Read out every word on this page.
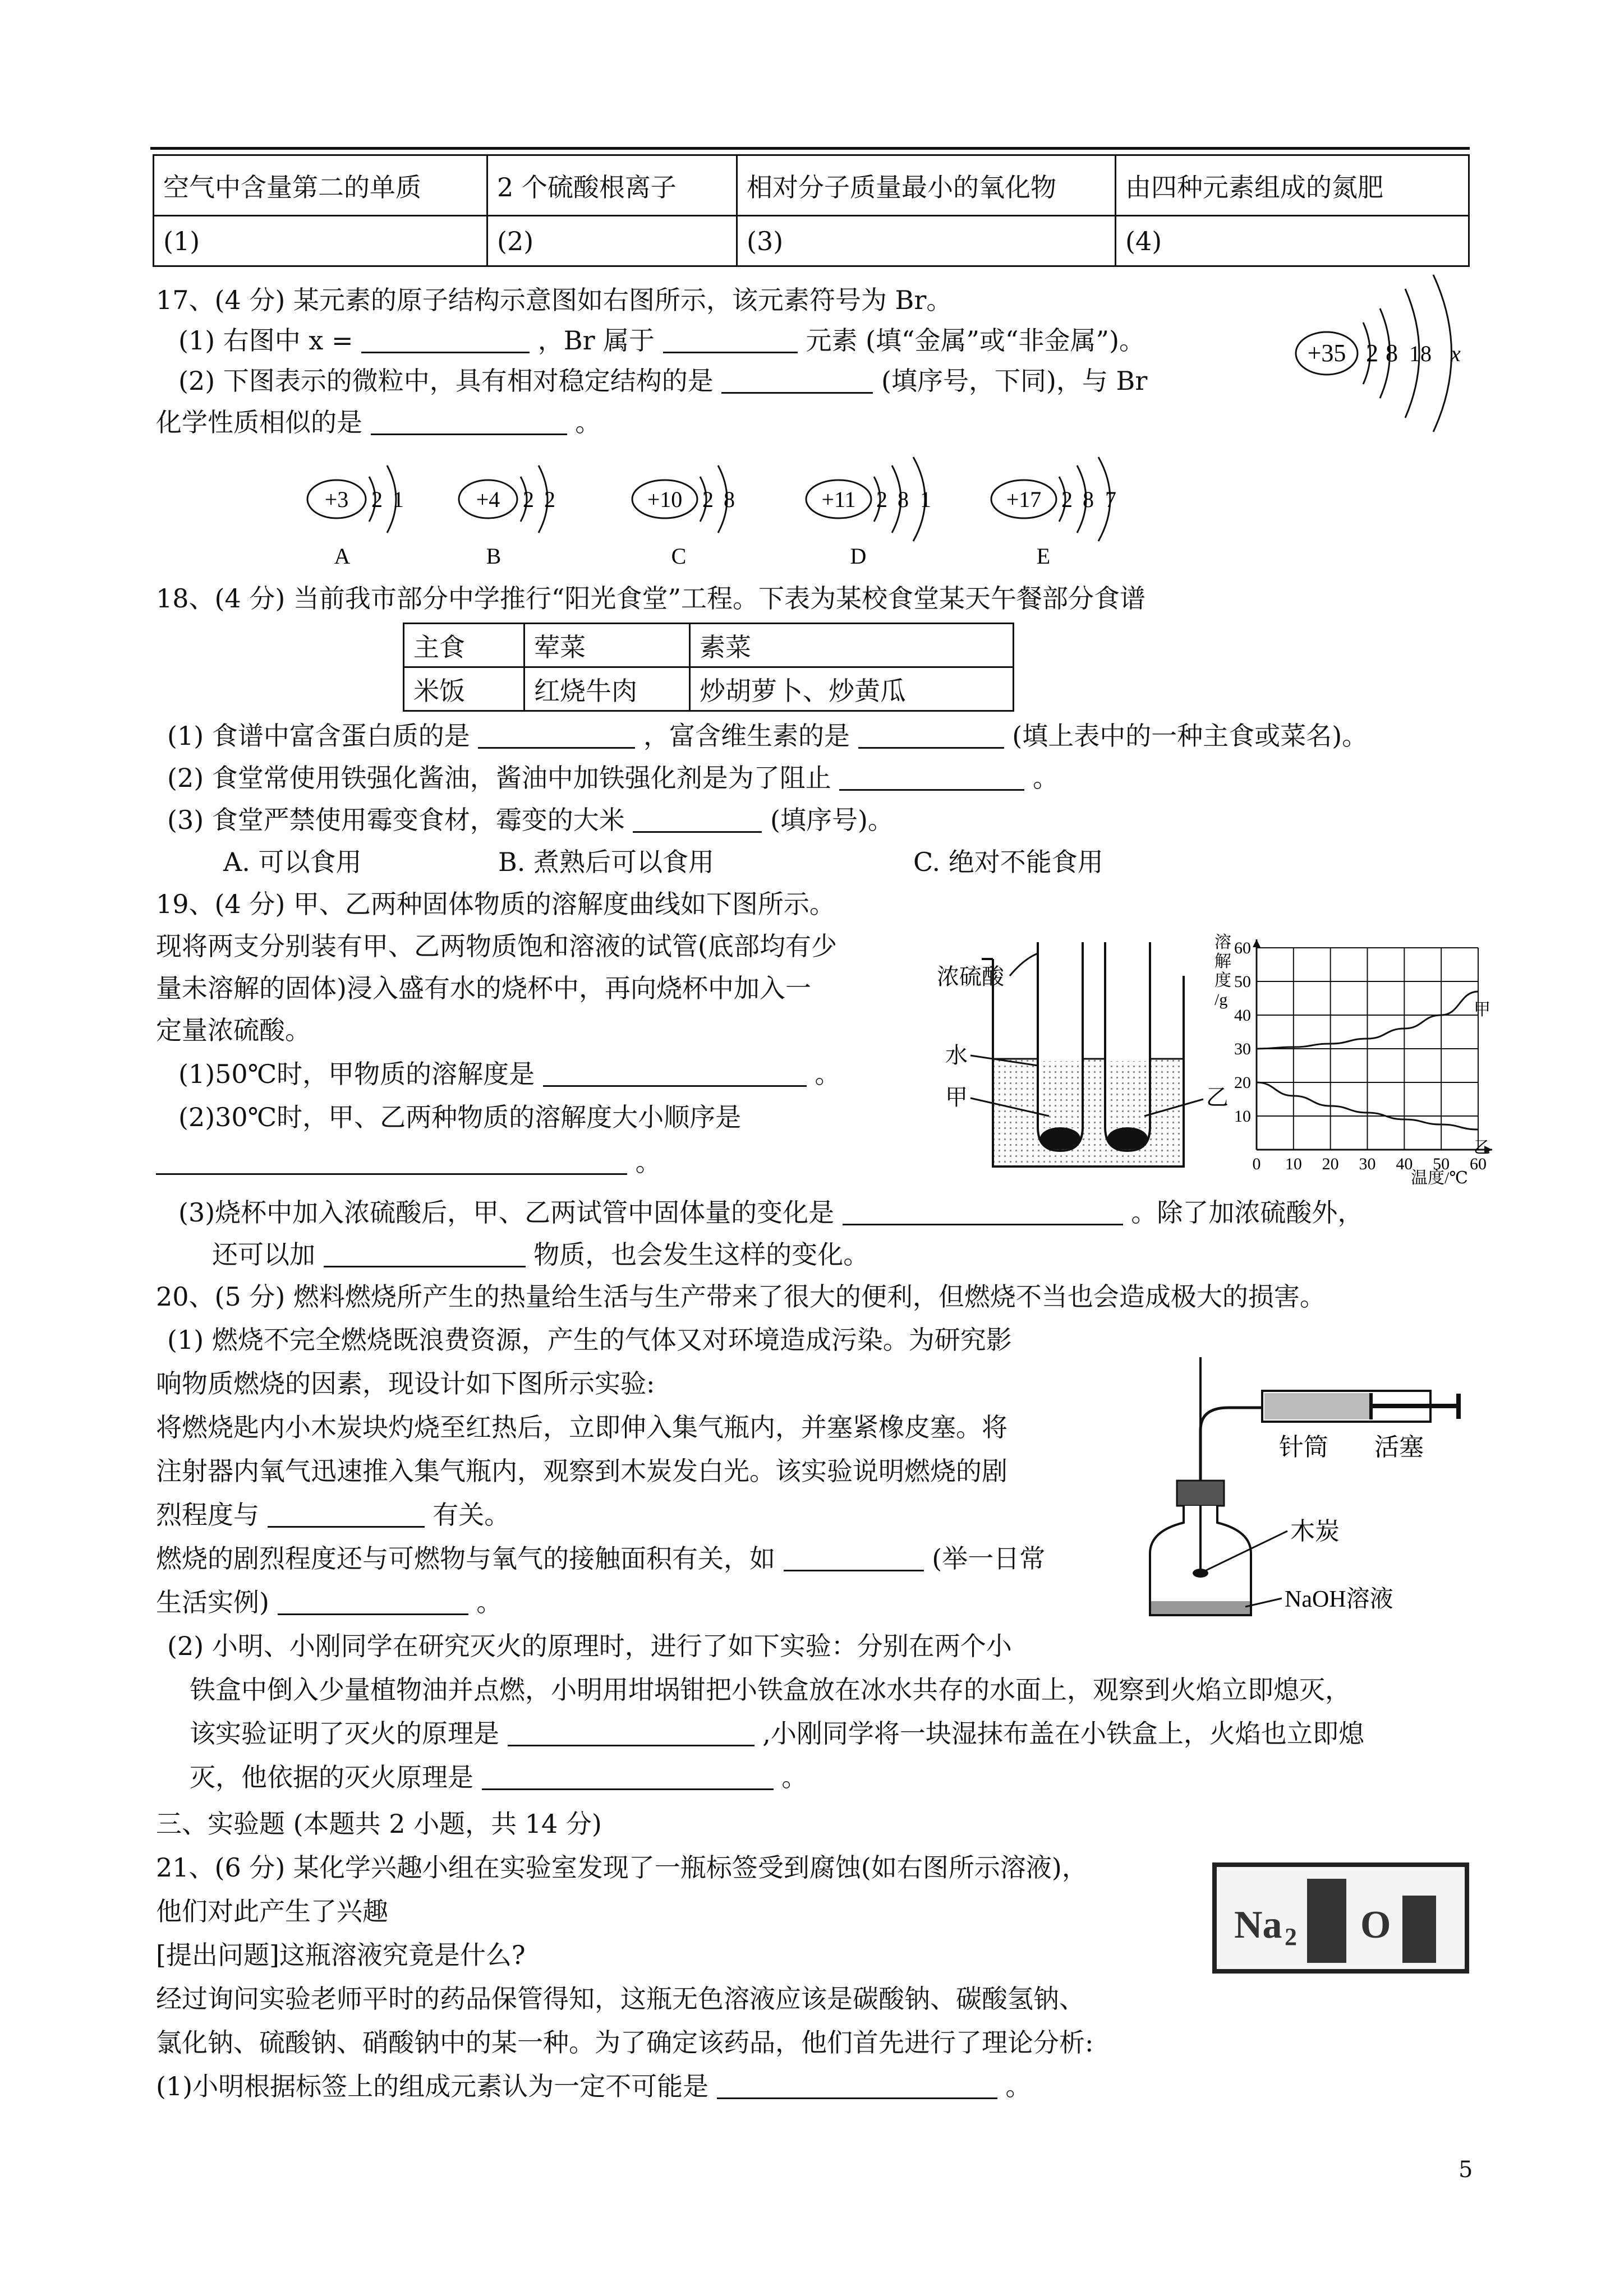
空气中含量第二的单质	2 个硫酸根离子	相对分子质量最小的氧化物	由四种元素组成的氮肥
(1)	(2)	(3)	(4)
17、(4 分) 某元素的原子结构示意图如右图所示，该元素符号为 Br。
(1) 右图中 x =	，Br 属于	元素 (填“金属”或“非金属”)。
(2) 下图表示的微粒中，具有相对稳定结构的是	(填序号，下同)，与 Br
化学性质相似的是	。
+35 2 8 18 x
+3 2 1
A
+4 2 2
B
+10 2 8
C
+11 2 8 1
D
+17 2 8 7
E
18、(4 分) 当前我市部分中学推行“阳光食堂”工程。下表为某校食堂某天午餐部分食谱
主食	荤菜	素菜
米饭	红烧牛肉	炒胡萝卜、炒黄瓜
(1) 食谱中富含蛋白质的是	，富含维生素的是	(填上表中的一种主食或菜名)。
(2) 食堂常使用铁强化酱油，酱油中加铁强化剂是为了阻止	。
(3) 食堂严禁使用霉变食材，霉变的大米	(填序号)。
A. 可以食用	B. 煮熟后可以食用	C. 绝对不能食用
19、(4 分) 甲、乙两种固体物质的溶解度曲线如下图所示。
现将两支分别装有甲、乙两物质饱和溶液的试管(底部均有少
量未溶解的固体)浸入盛有水的烧杯中，再向烧杯中加入一
定量浓硫酸。
(1)50℃时，甲物质的溶解度是	。
(2)30℃时，甲、乙两种物质的溶解度大小顺序是
。
(3)烧杯中加入浓硫酸后，甲、乙两试管中固体量的变化是	。除了加浓硫酸外，
还可以加	物质，也会发生这样的变化。
浓硫酸
水
甲	乙
溶 解 度 /g
甲
乙
0 10 20 30 40 50 60
10
20
30
40
50
60
温度/℃
20、(5 分) 燃料燃烧所产生的热量给生活与生产带来了很大的便利，但燃烧不当也会造成极大的损害。
(1) 燃烧不完全燃烧既浪费资源，产生的气体又对环境造成污染。为研究影
响物质燃烧的因素，现设计如下图所示实验:
将燃烧匙内小木炭块灼烧至红热后，立即伸入集气瓶内，并塞紧橡皮塞。将
注射器内氧气迅速推入集气瓶内，观察到木炭发白光。该实验说明燃烧的剧
烈程度与	有关。
燃烧的剧烈程度还与可燃物与氧气的接触面积有关，如	(举一日常
生活实例)	。
(2) 小明、小刚同学在研究灭火的原理时，进行了如下实验：分别在两个小
铁盒中倒入少量植物油并点燃，小明用坩埚钳把小铁盒放在冰水共存的水面上，观察到火焰立即熄灭，
该实验证明了灭火的原理是	,小刚同学将一块湿抹布盖在小铁盒上，火焰也立即熄
灭，他依据的灭火原理是	。
针筒 活塞
木炭
NaOH溶液
三、实验题 (本题共 2 小题，共 14 分)
21、(6 分) 某化学兴趣小组在实验室发现了一瓶标签受到腐蚀(如右图所示溶液)，
他们对此产生了兴趣
[提出问题]这瓶溶液究竟是什么?
经过询问实验老师平时的药品保管得知，这瓶无色溶液应该是碳酸钠、碳酸氢钠、
氯化钠、硫酸钠、硝酸钠中的某一种。为了确定该药品，他们首先进行了理论分析:
(1)小明根据标签上的组成元素认为一定不可能是	。
Na 2 O
5
